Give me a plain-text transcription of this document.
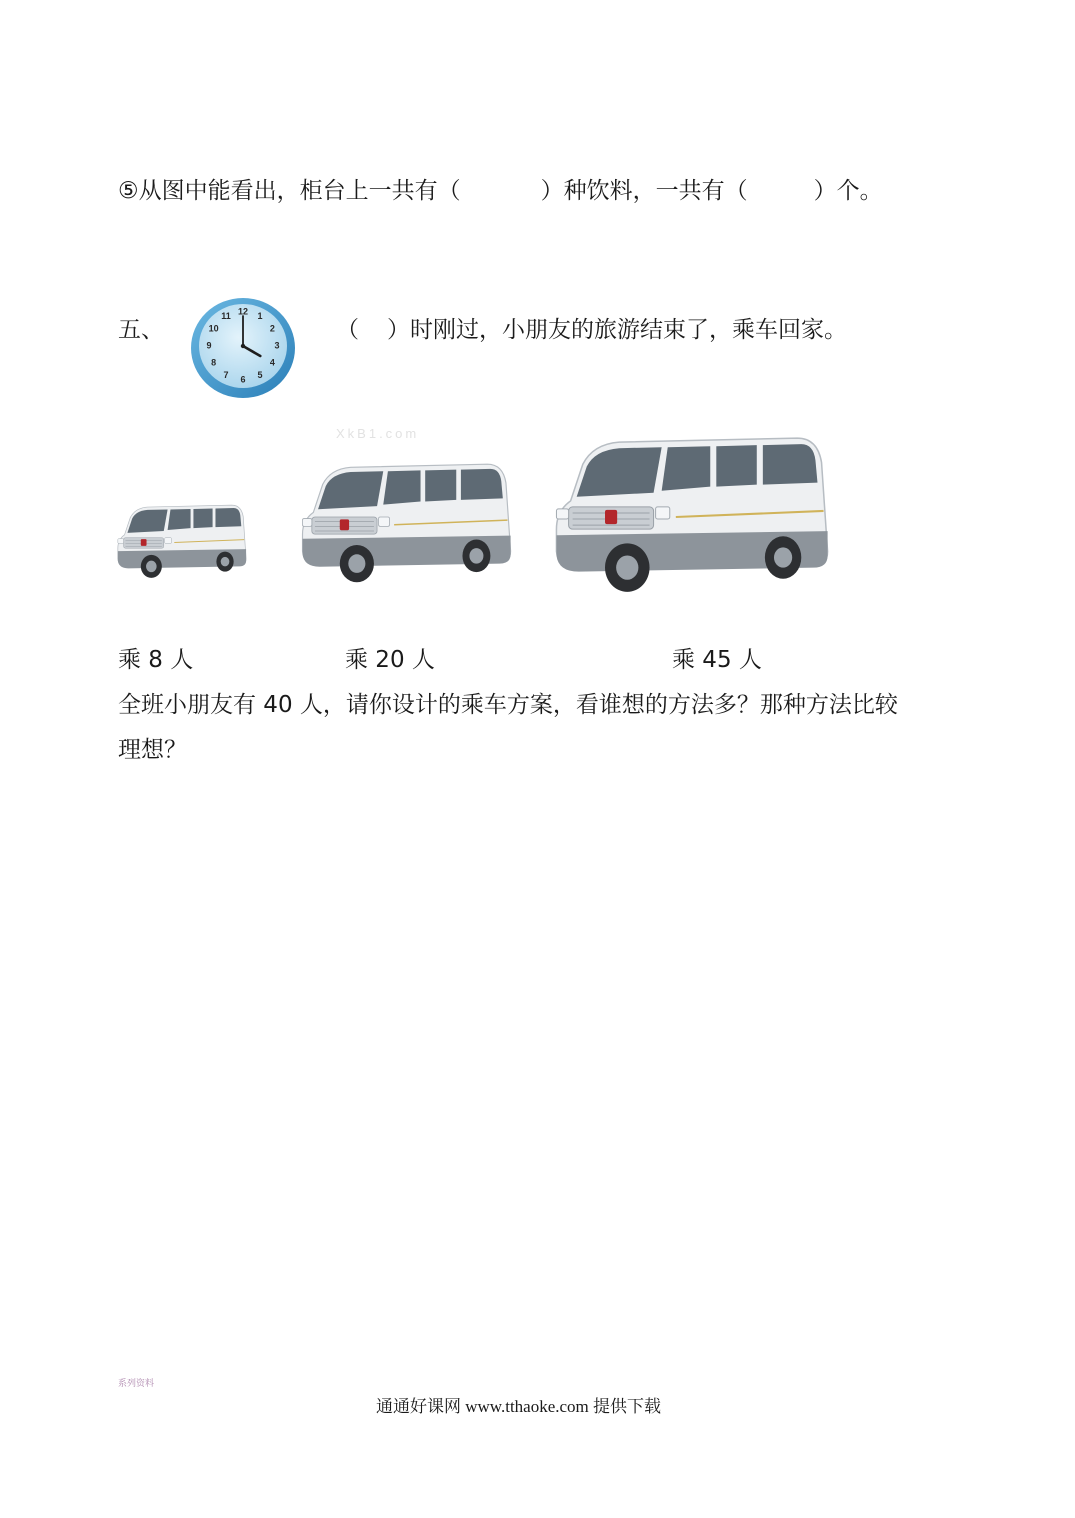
⑤从图中能看出，柜台上一共有（	）种饮料，一共有（	）个。
五、
12 1
2
3
4
5
6
7
8
9
10
11
（ ）时刚过，小朋友的旅游结束了，乘车回家。
XkB1.com
乘 8 人	乘 20 人	乘 45 人
全班小朋友有 40 人，请你设计的乘车方案，看谁想的方法多？那种方法比较
理想？
系列资料
通通好课网 www.tthaoke.com 提供下载
